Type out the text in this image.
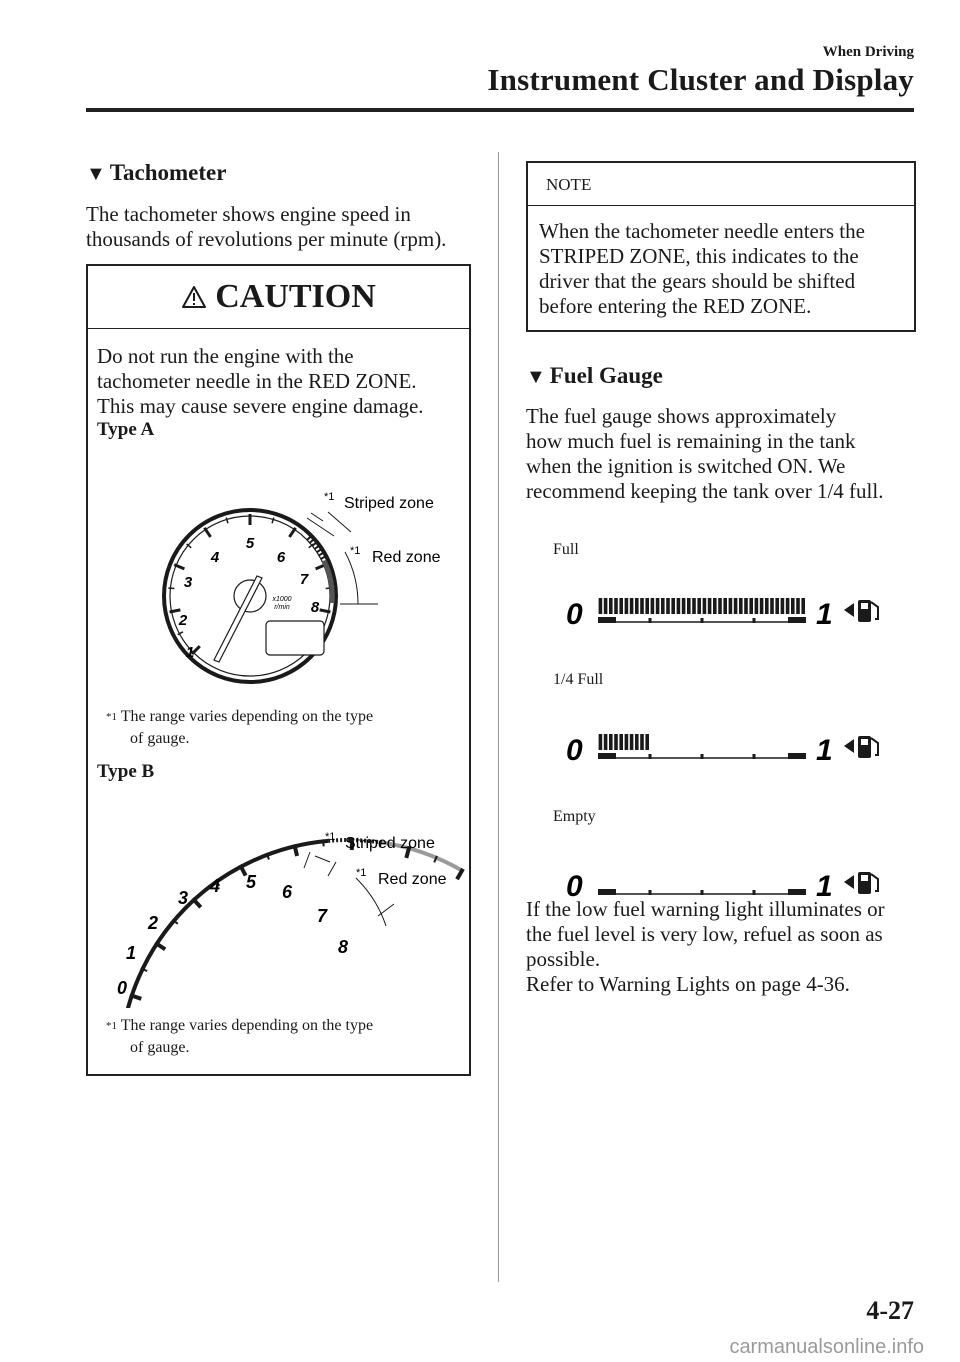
When Driving
Instrument Cluster and Display
▼ Tachometer
The tachometer shows engine speed in
thousands of revolutions per minute (rpm).
CAUTION
Do not run the engine with the
tachometer needle in the RED ZONE.
This may cause severe engine damage.
Type A
1
2
3
4
5
6
7
8
x1000
r/min
*1 Striped zone
*1 Red zone
$^{*1}$ The range varies depending on the type
of gauge.
Type B
0
1
2
3
4 5 6
7
8
*1 Striped zone
*1 Red zone
$^{*1}$ The range varies depending on the type
of gauge.
NOTE
When the tachometer needle enters the
STRIPED ZONE, this indicates to the
driver that the gears should be shifted
before entering the RED ZONE.
▼ Fuel Gauge
The fuel gauge shows approximately
how much fuel is remaining in the tank
when the ignition is switched ON. We
recommend keeping the tank over 1/4 full.
Full
0	1
1/4 Full
0	1
Empty
0	1
If the low fuel warning light illuminates or
the fuel level is very low, refuel as soon as
possible.
Refer to Warning Lights on page 4-36.
4-27
carmanualsonline.info
